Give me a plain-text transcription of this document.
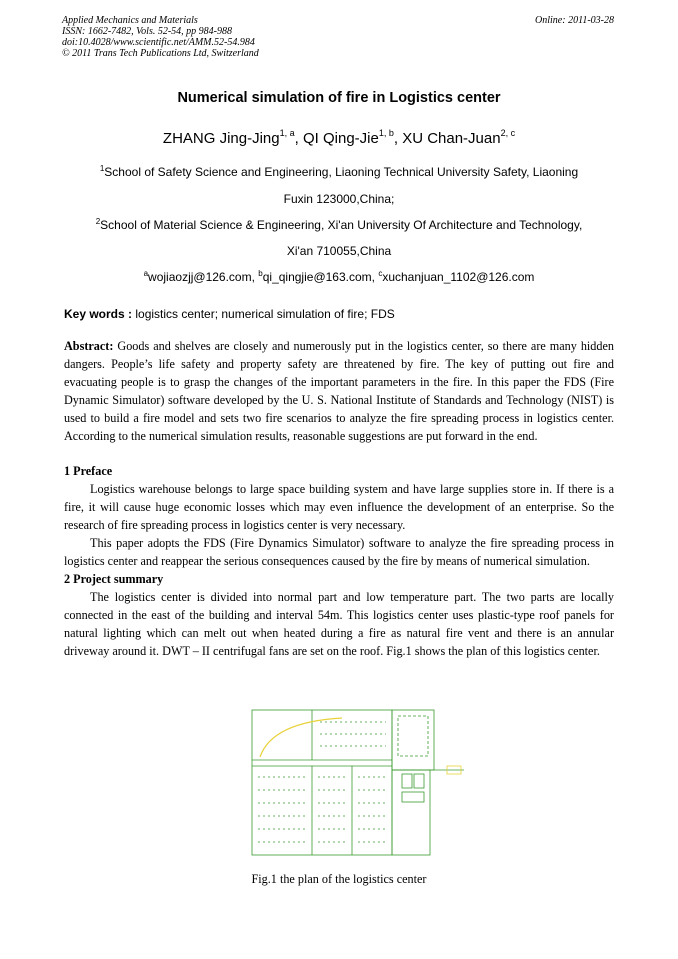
Applied Mechanics and Materials
ISSN: 1662-7482, Vols. 52-54, pp 984-988
doi:10.4028/www.scientific.net/AMM.52-54.984
© 2011 Trans Tech Publications Ltd, Switzerland
Online: 2011-03-28
Numerical simulation of fire in Logistics center
ZHANG Jing-Jing$^{1, a}$, QI Qing-Jie$^{1, b}$, XU Chan-Juan$^{2, c}$
$^1$School of Safety Science and Engineering, Liaoning Technical University Safety, Liaoning
Fuxin 123000,China;
$^2$School of Material Science & Engineering, Xi'an University Of Architecture and Technology,
Xi'an 710055,China
$^a$wojiaozjj@126.com, $^b$qi_qingjie@163.com, $^c$xuchanjuan_1102@126.com
Key words : logistics center; numerical simulation of fire; FDS
Abstract: Goods and shelves are closely and numerously put in the logistics center, so there are many hidden dangers. People’s life safety and property safety are threatened by fire. The key of putting out fire and evacuating people is to grasp the changes of the important parameters in the fire. In this paper the FDS (Fire Dynamic Simulator) software developed by the U. S. National Institute of Standards and Technology (NIST) is used to build a fire model and sets two fire scenarios to analyze the fire spreading process in logistics center. According to the numerical simulation results, reasonable suggestions are put forward in the end.

1 Preface

Logistics warehouse belongs to large space building system and have large supplies store in. If there is a fire, it will cause huge economic losses which may even influence the development of an enterprise. So the research of fire spreading process in logistics center is very necessary.

This paper adopts the FDS (Fire Dynamics Simulator) software to analyze the fire spreading process in logistics center and reappear the serious consequences caused by the fire by means of numerical simulation.

2 Project summary

The logistics center is divided into normal part and low temperature part. The two parts are locally connected in the east of the building and interval 54m. This logistics center uses plastic-type roof panels for natural lighting which can melt out when heated during a fire as natural fire vent and there is an annular driveway around it. DWT – II centrifugal fans are set on the roof. Fig.1 shows the plan of this logistics center.

Fig.1 the plan of the logistics center
